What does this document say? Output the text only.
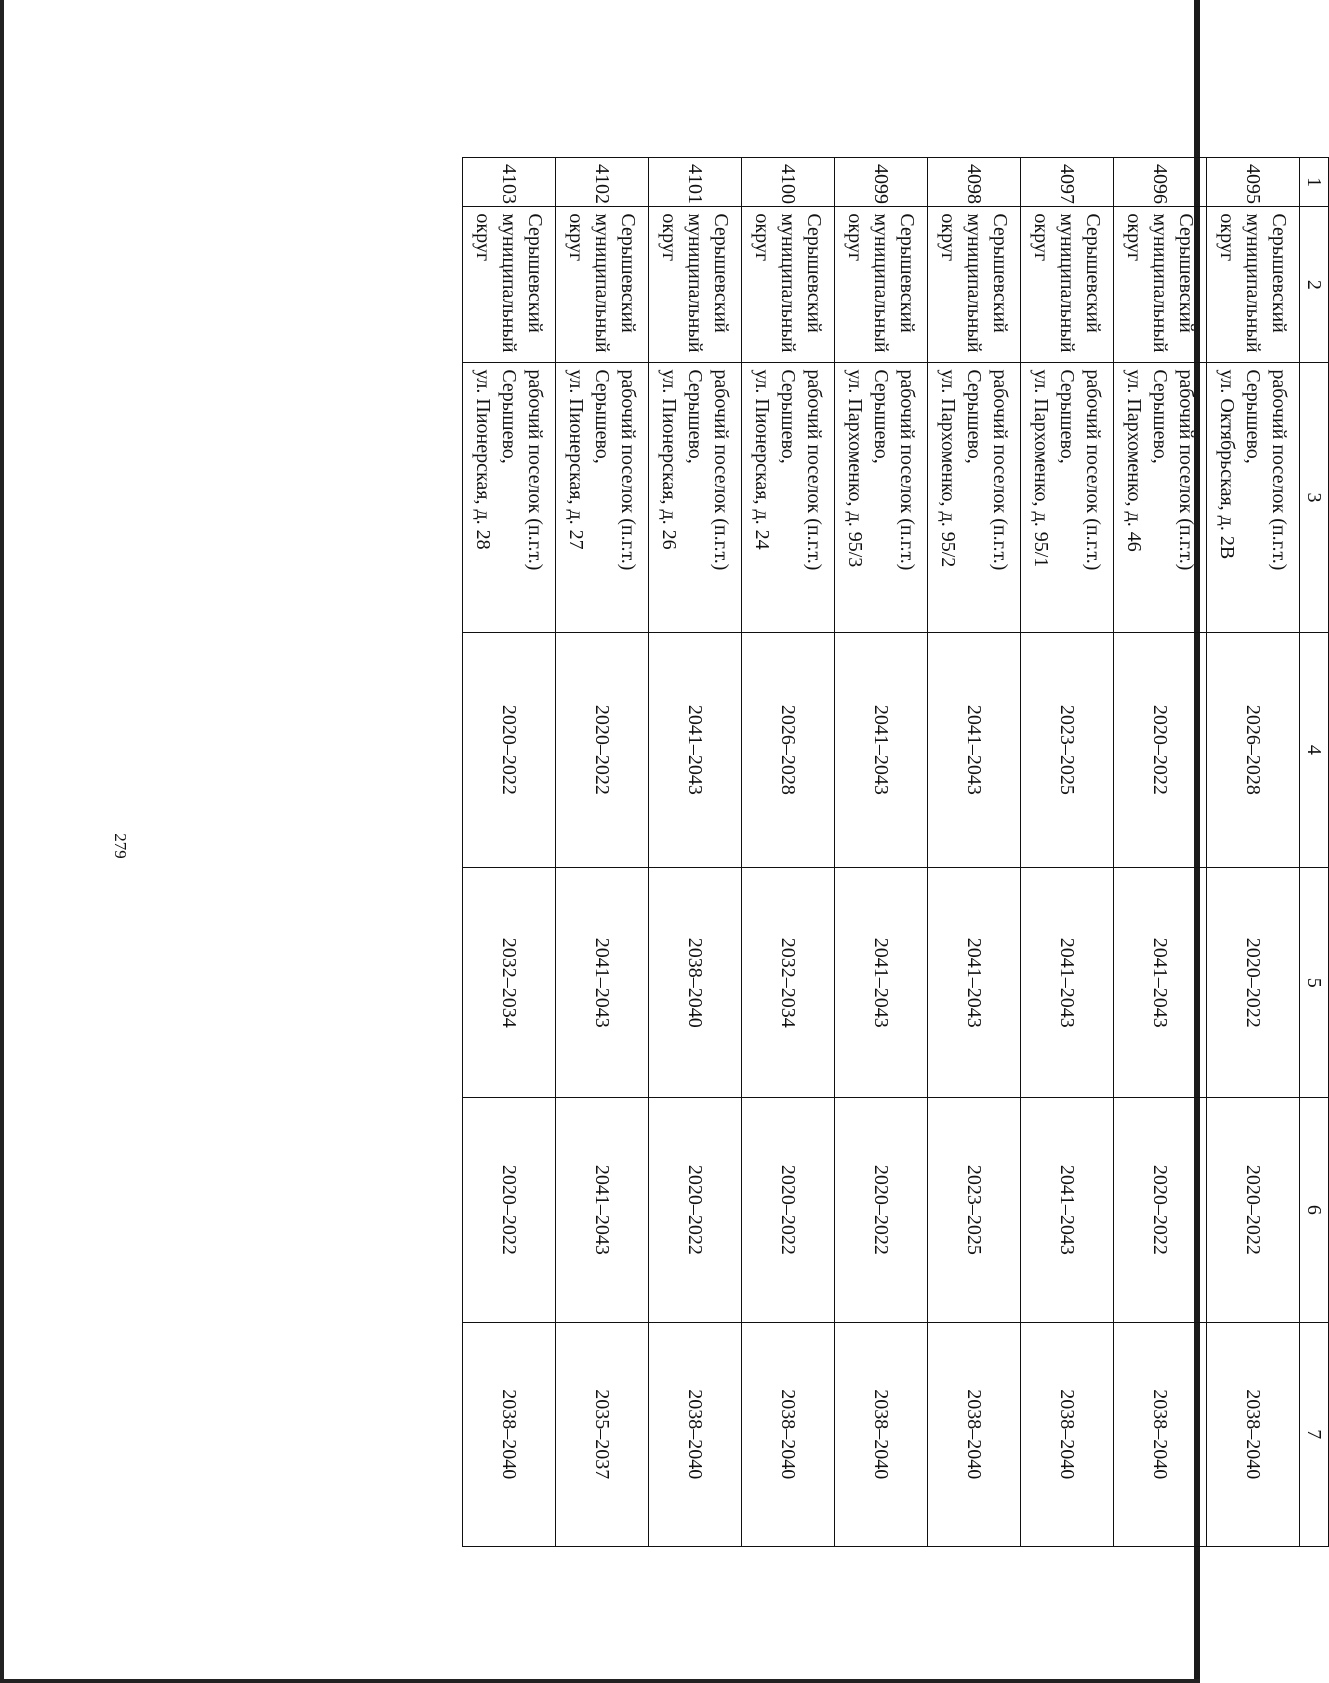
279
1	2	3	4	5	6	7
4095	Серышевский
муниципальный
округ	рабочий поселок (п.г.т.)
Серышево,
ул. Октябрьская, д. 2В	2026–2028	2020–2022	2020–2022	2038–2040
4096	Серышевский
муниципальный
округ	рабочий поселок (п.г.т.)
Серышево,
ул. Пархоменко, д. 46	2020–2022	2041–2043	2020–2022	2038–2040
4097	Серышевский
муниципальный
округ	рабочий поселок (п.г.т.)
Серышево,
ул. Пархоменко, д. 95/1	2023–2025	2041–2043	2041–2043	2038–2040
4098	Серышевский
муниципальный
округ	рабочий поселок (п.г.т.)
Серышево,
ул. Пархоменко, д. 95/2	2041–2043	2041–2043	2023–2025	2038–2040
4099	Серышевский
муниципальный
округ	рабочий поселок (п.г.т.)
Серышево,
ул. Пархоменко, д. 95/3	2041–2043	2041–2043	2020–2022	2038–2040
4100	Серышевский
муниципальный
округ	рабочий поселок (п.г.т.)
Серышево,
ул. Пионерская, д. 24	2026–2028	2032–2034	2020–2022	2038–2040
4101	Серышевский
муниципальный
округ	рабочий поселок (п.г.т.)
Серышево,
ул. Пионерская, д. 26	2041–2043	2038–2040	2020–2022	2038–2040
4102	Серышевский
муниципальный
округ	рабочий поселок (п.г.т.)
Серышево,
ул. Пионерская, д. 27	2020–2022	2041–2043	2041–2043	2035–2037
4103	Серышевский
муниципальный
округ	рабочий поселок (п.г.т.)
Серышево,
ул. Пионерская, д. 28	2020–2022	2032–2034	2020–2022	2038–2040
